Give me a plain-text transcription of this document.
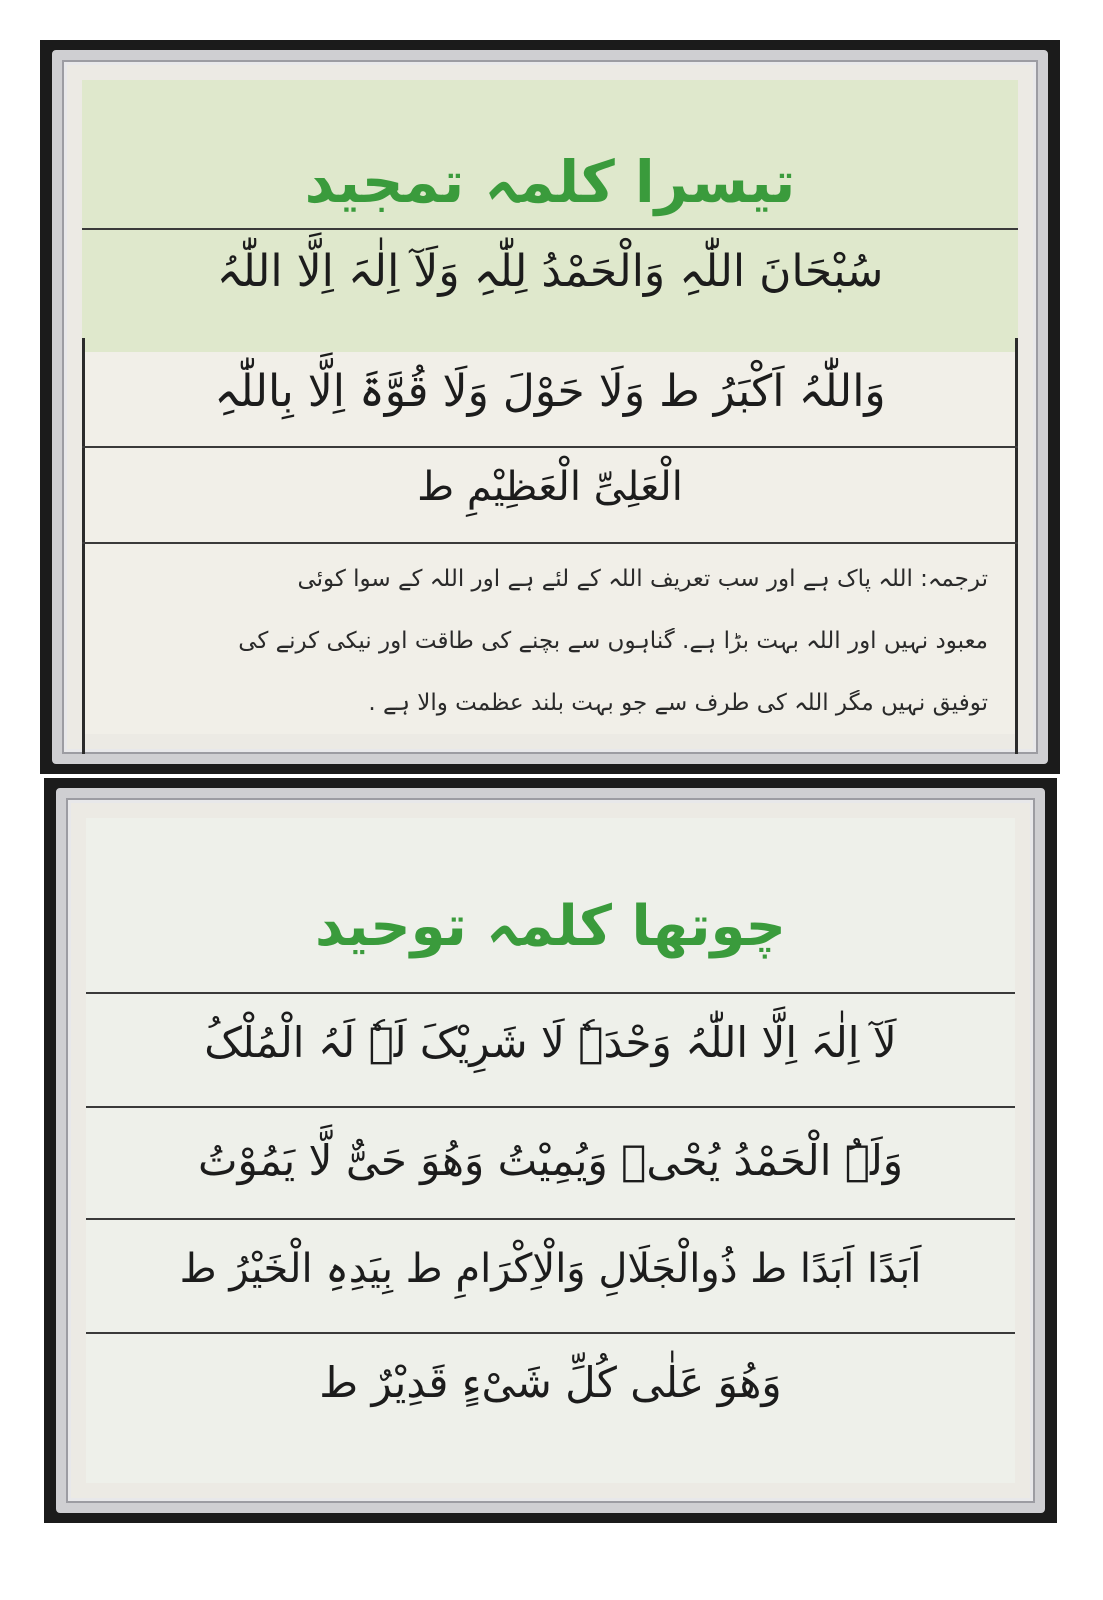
تیسرا کلمہ تمجید
سُبْحَانَ اللّٰہِ وَالْحَمْدُ لِلّٰہِ وَلَآ اِلٰہَ اِلَّا اللّٰہُ
وَاللّٰہُ اَکْبَرُ ط وَلَا حَوْلَ وَلَا قُوَّۃَ اِلَّا بِاللّٰہِ
الْعَلِیِّ الْعَظِیْمِ ط
ترجمہ: اللہ پاک ہے اور سب تعریف اللہ کے لئے ہے اور اللہ کے سوا کوئی
معبود نہیں اور اللہ بہت بڑا ہے. گناہوں سے بچنے کی طاقت اور نیکی کرنے کی
توفیق نہیں مگر اللہ کی طرف سے جو بہت بلند عظمت والا ہے .
چوتھا کلمہ توحید
لَآ اِلٰہَ اِلَّا اللّٰہُ وَحْدَہٗ لَا شَرِیْکَ لَہٗ لَہُ الْمُلْکُ
وَلَہُ الْحَمْدُ یُحْیٖ وَیُمِیْتُ وَھُوَ حَیٌّ لَّا یَمُوْتُ
اَبَدًا اَبَدًا ط ذُوالْجَلَالِ وَالْاِکْرَامِ ط بِیَدِہِ الْخَیْرُ ط
وَھُوَ عَلٰی کُلِّ شَیْءٍ قَدِیْرٌ ط
